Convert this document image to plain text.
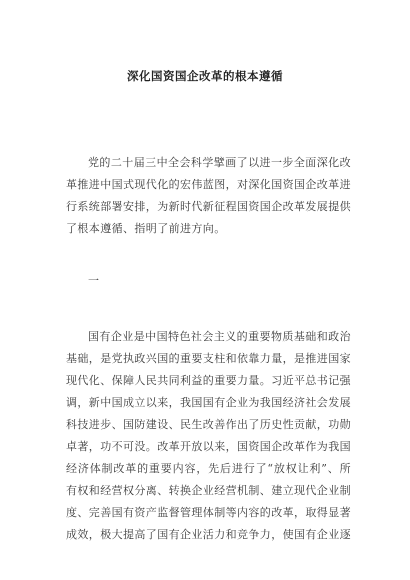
深化国资国企改革的根本遵循

党的二十届三中全会科学擘画了以进一步全面深化改革推进中国式现代化的宏伟蓝图，对深化国资国企改革进行系统部署安排，为新时代新征程国资国企改革发展提供了根本遵循、指明了前进方向。

一

国有企业是中国特色社会主义的重要物质基础和政治基础，是党执政兴国的重要支柱和依靠力量，是推进国家现代化、保障人民共同利益的重要力量。习近平总书记强调，新中国成立以来，我国国有企业为我国经济社会发展科技进步、国防建设、民生改善作出了历史性贡献，功勋卓著，功不可没。改革开放以来，国资国企改革作为我国经济体制改革的重要内容，先后进行了“放权让利”、所有权和经营权分离、转换企业经营机制、建立现代企业制度、完善国有资产监督管理体制等内容的改革，取得显著成效，极大提高了国有企业活力和竞争力，使国有企业逐
